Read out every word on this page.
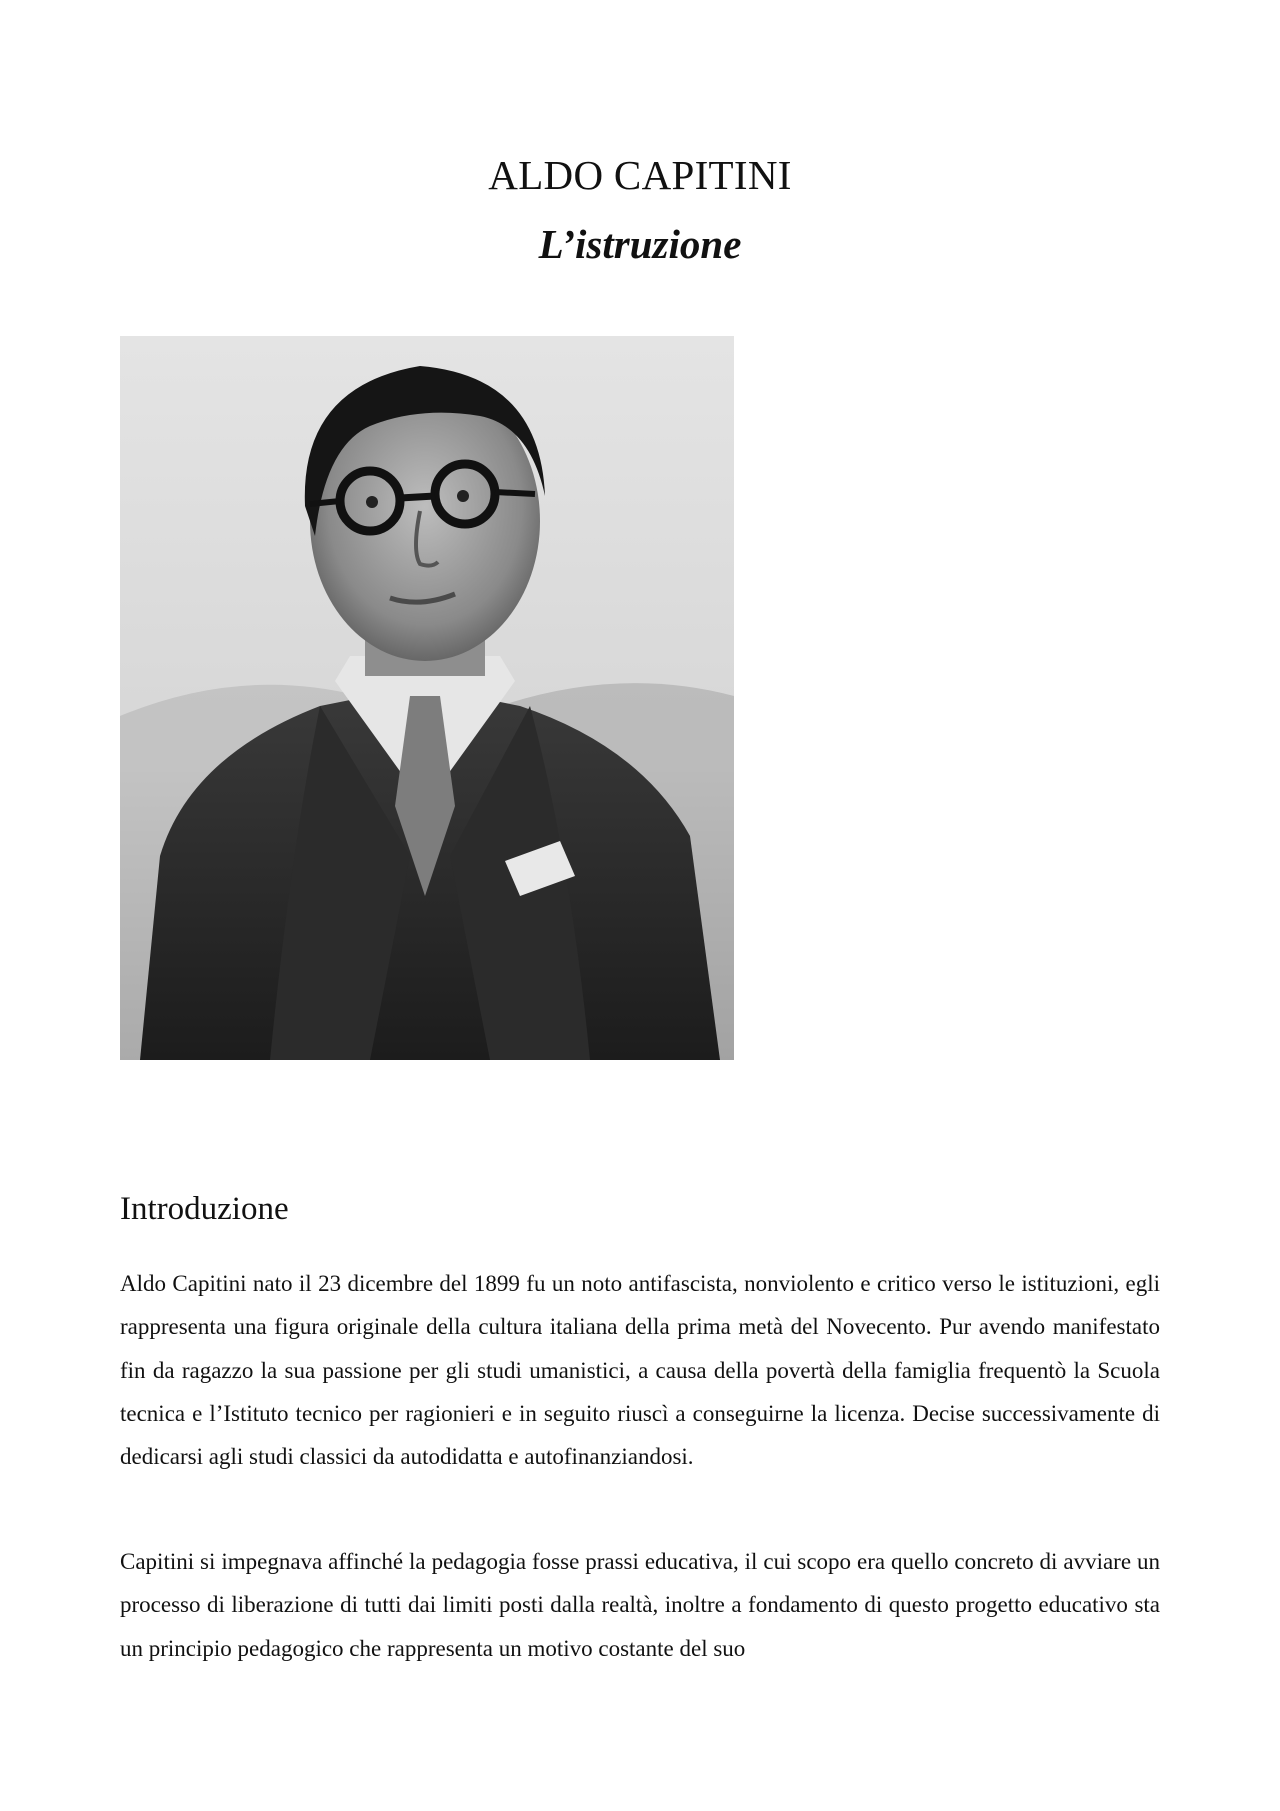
ALDO CAPITINI
L’istruzione
Introduzione

Aldo Capitini nato il 23 dicembre del 1899 fu un noto antifascista, nonviolento e critico verso le istituzioni, egli rappresenta una figura originale della cultura italiana della prima metà del Novecento. Pur avendo manifestato fin da ragazzo la sua passione per gli studi umanistici, a causa della povertà della famiglia frequentò la Scuola tecnica e l’Istituto tecnico per ragionieri e in seguito riuscì a conseguirne la licenza. Decise successivamente di dedicarsi agli studi classici da autodidatta e autofinanziandosi.

Capitini si impegnava affinché la pedagogia fosse prassi educativa, il cui scopo era quello concreto di avviare un processo di liberazione di tutti dai limiti posti dalla realtà, inoltre a fondamento di questo progetto educativo sta un principio pedagogico che rappresenta un motivo costante del suo
